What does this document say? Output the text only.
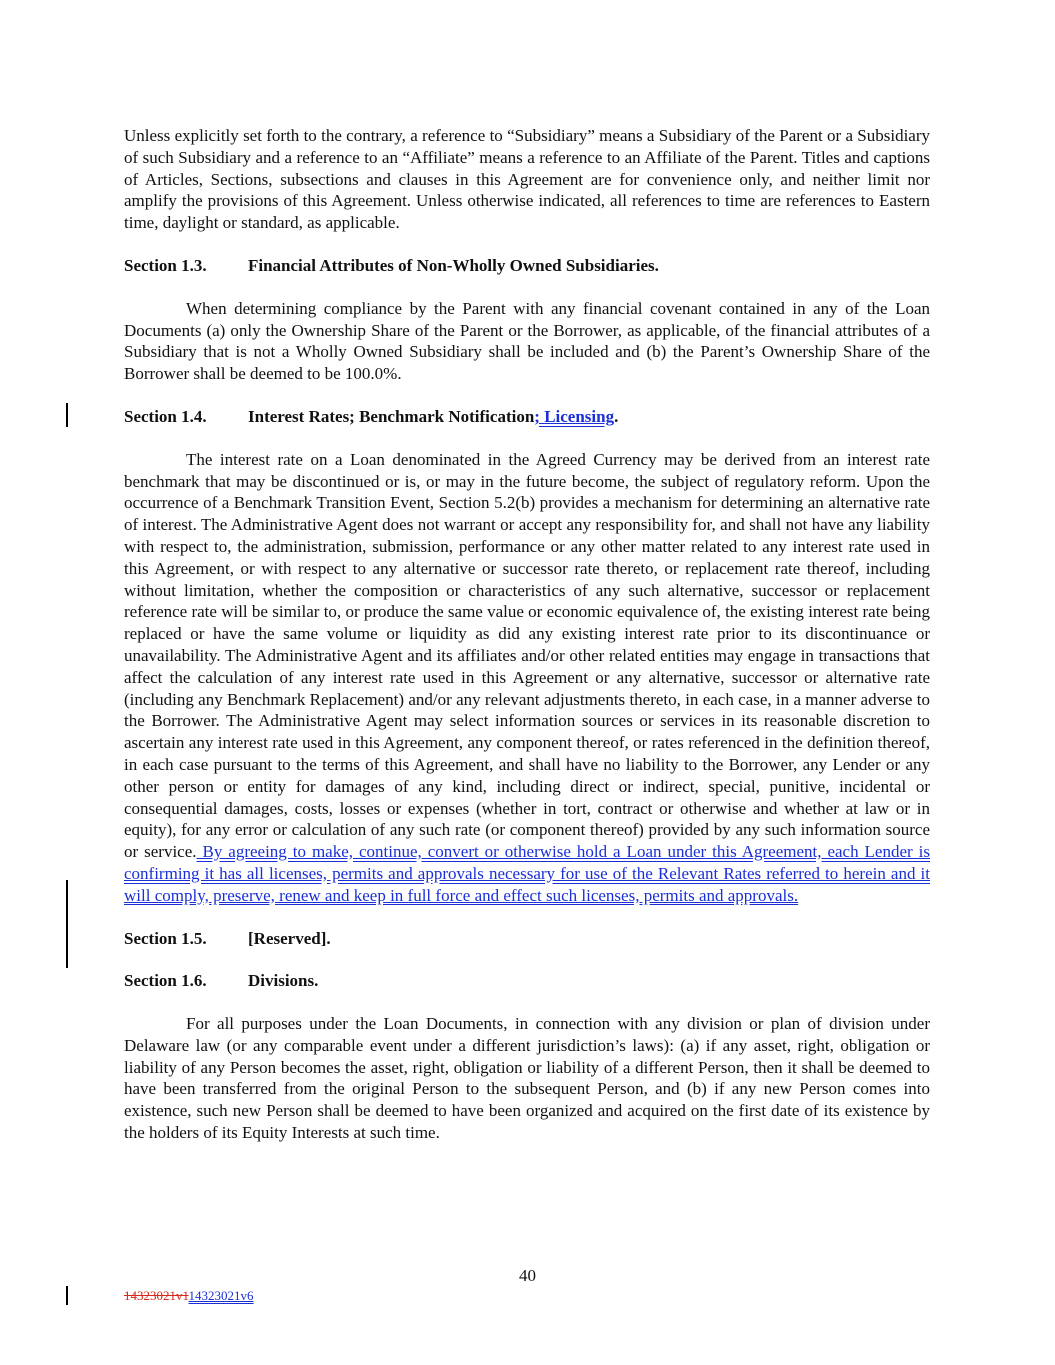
Unless explicitly set forth to the contrary, a reference to “Subsidiary” means a Subsidiary of the Parent or a Subsidiary of such Subsidiary and a reference to an “Affiliate” means a reference to an Affiliate of the Parent. Titles and captions of Articles, Sections, subsections and clauses in this Agreement are for convenience only, and neither limit nor amplify the provisions of this Agreement. Unless otherwise indicated, all references to time are references to Eastern time, daylight or standard, as applicable.

Section 1.3. Financial Attributes of Non-Wholly Owned Subsidiaries.

When determining compliance by the Parent with any financial covenant contained in any of the Loan Documents (a) only the Ownership Share of the Parent or the Borrower, as applicable, of the financial attributes of a Subsidiary that is not a Wholly Owned Subsidiary shall be included and (b) the Parent’s Ownership Share of the Borrower shall be deemed to be 100.0%.

Section 1.4. Interest Rates; Benchmark Notification; Licensing.

The interest rate on a Loan denominated in the Agreed Currency may be derived from an interest rate benchmark that may be discontinued or is, or may in the future become, the subject of regulatory reform. Upon the occurrence of a Benchmark Transition Event, Section 5.2(b) provides a mechanism for determining an alternative rate of interest. The Administrative Agent does not warrant or accept any responsibility for, and shall not have any liability with respect to, the administration, submission, performance or any other matter related to any interest rate used in this Agreement, or with respect to any alternative or successor rate thereto, or replacement rate thereof, including without limitation, whether the composition or characteristics of any such alternative, successor or replacement reference rate will be similar to, or produce the same value or economic equivalence of, the existing interest rate being replaced or have the same volume or liquidity as did any existing interest rate prior to its discontinuance or unavailability. The Administrative Agent and its affiliates and/or other related entities may engage in transactions that affect the calculation of any interest rate used in this Agreement or any alternative, successor or alternative rate (including any Benchmark Replacement) and/or any relevant adjustments thereto, in each case, in a manner adverse to the Borrower. The Administrative Agent may select information sources or services in its reasonable discretion to ascertain any interest rate used in this Agreement, any component thereof, or rates referenced in the definition thereof, in each case pursuant to the terms of this Agreement, and shall have no liability to the Borrower, any Lender or any other person or entity for damages of any kind, including direct or indirect, special, punitive, incidental or consequential damages, costs, losses or expenses (whether in tort, contract or otherwise and whether at law or in equity), for any error or calculation of any such rate (or component thereof) provided by any such information source or service. By agreeing to make, continue, convert or otherwise hold a Loan under this Agreement, each Lender is confirming it has all licenses, permits and approvals necessary for use of the Relevant Rates referred to herein and it will comply, preserve, renew and keep in full force and effect such licenses, permits and approvals.

Section 1.5. [Reserved].
Section 1.6. Divisions.

For all purposes under the Loan Documents, in connection with any division or plan of division under Delaware law (or any comparable event under a different jurisdiction’s laws): (a) if any asset, right, obligation or liability of any Person becomes the asset, right, obligation or liability of a different Person, then it shall be deemed to have been transferred from the original Person to the subsequent Person, and (b) if any new Person comes into existence, such new Person shall be deemed to have been organized and acquired on the first date of its existence by the holders of its Equity Interests at such time.

40
14323021v114323021v6
